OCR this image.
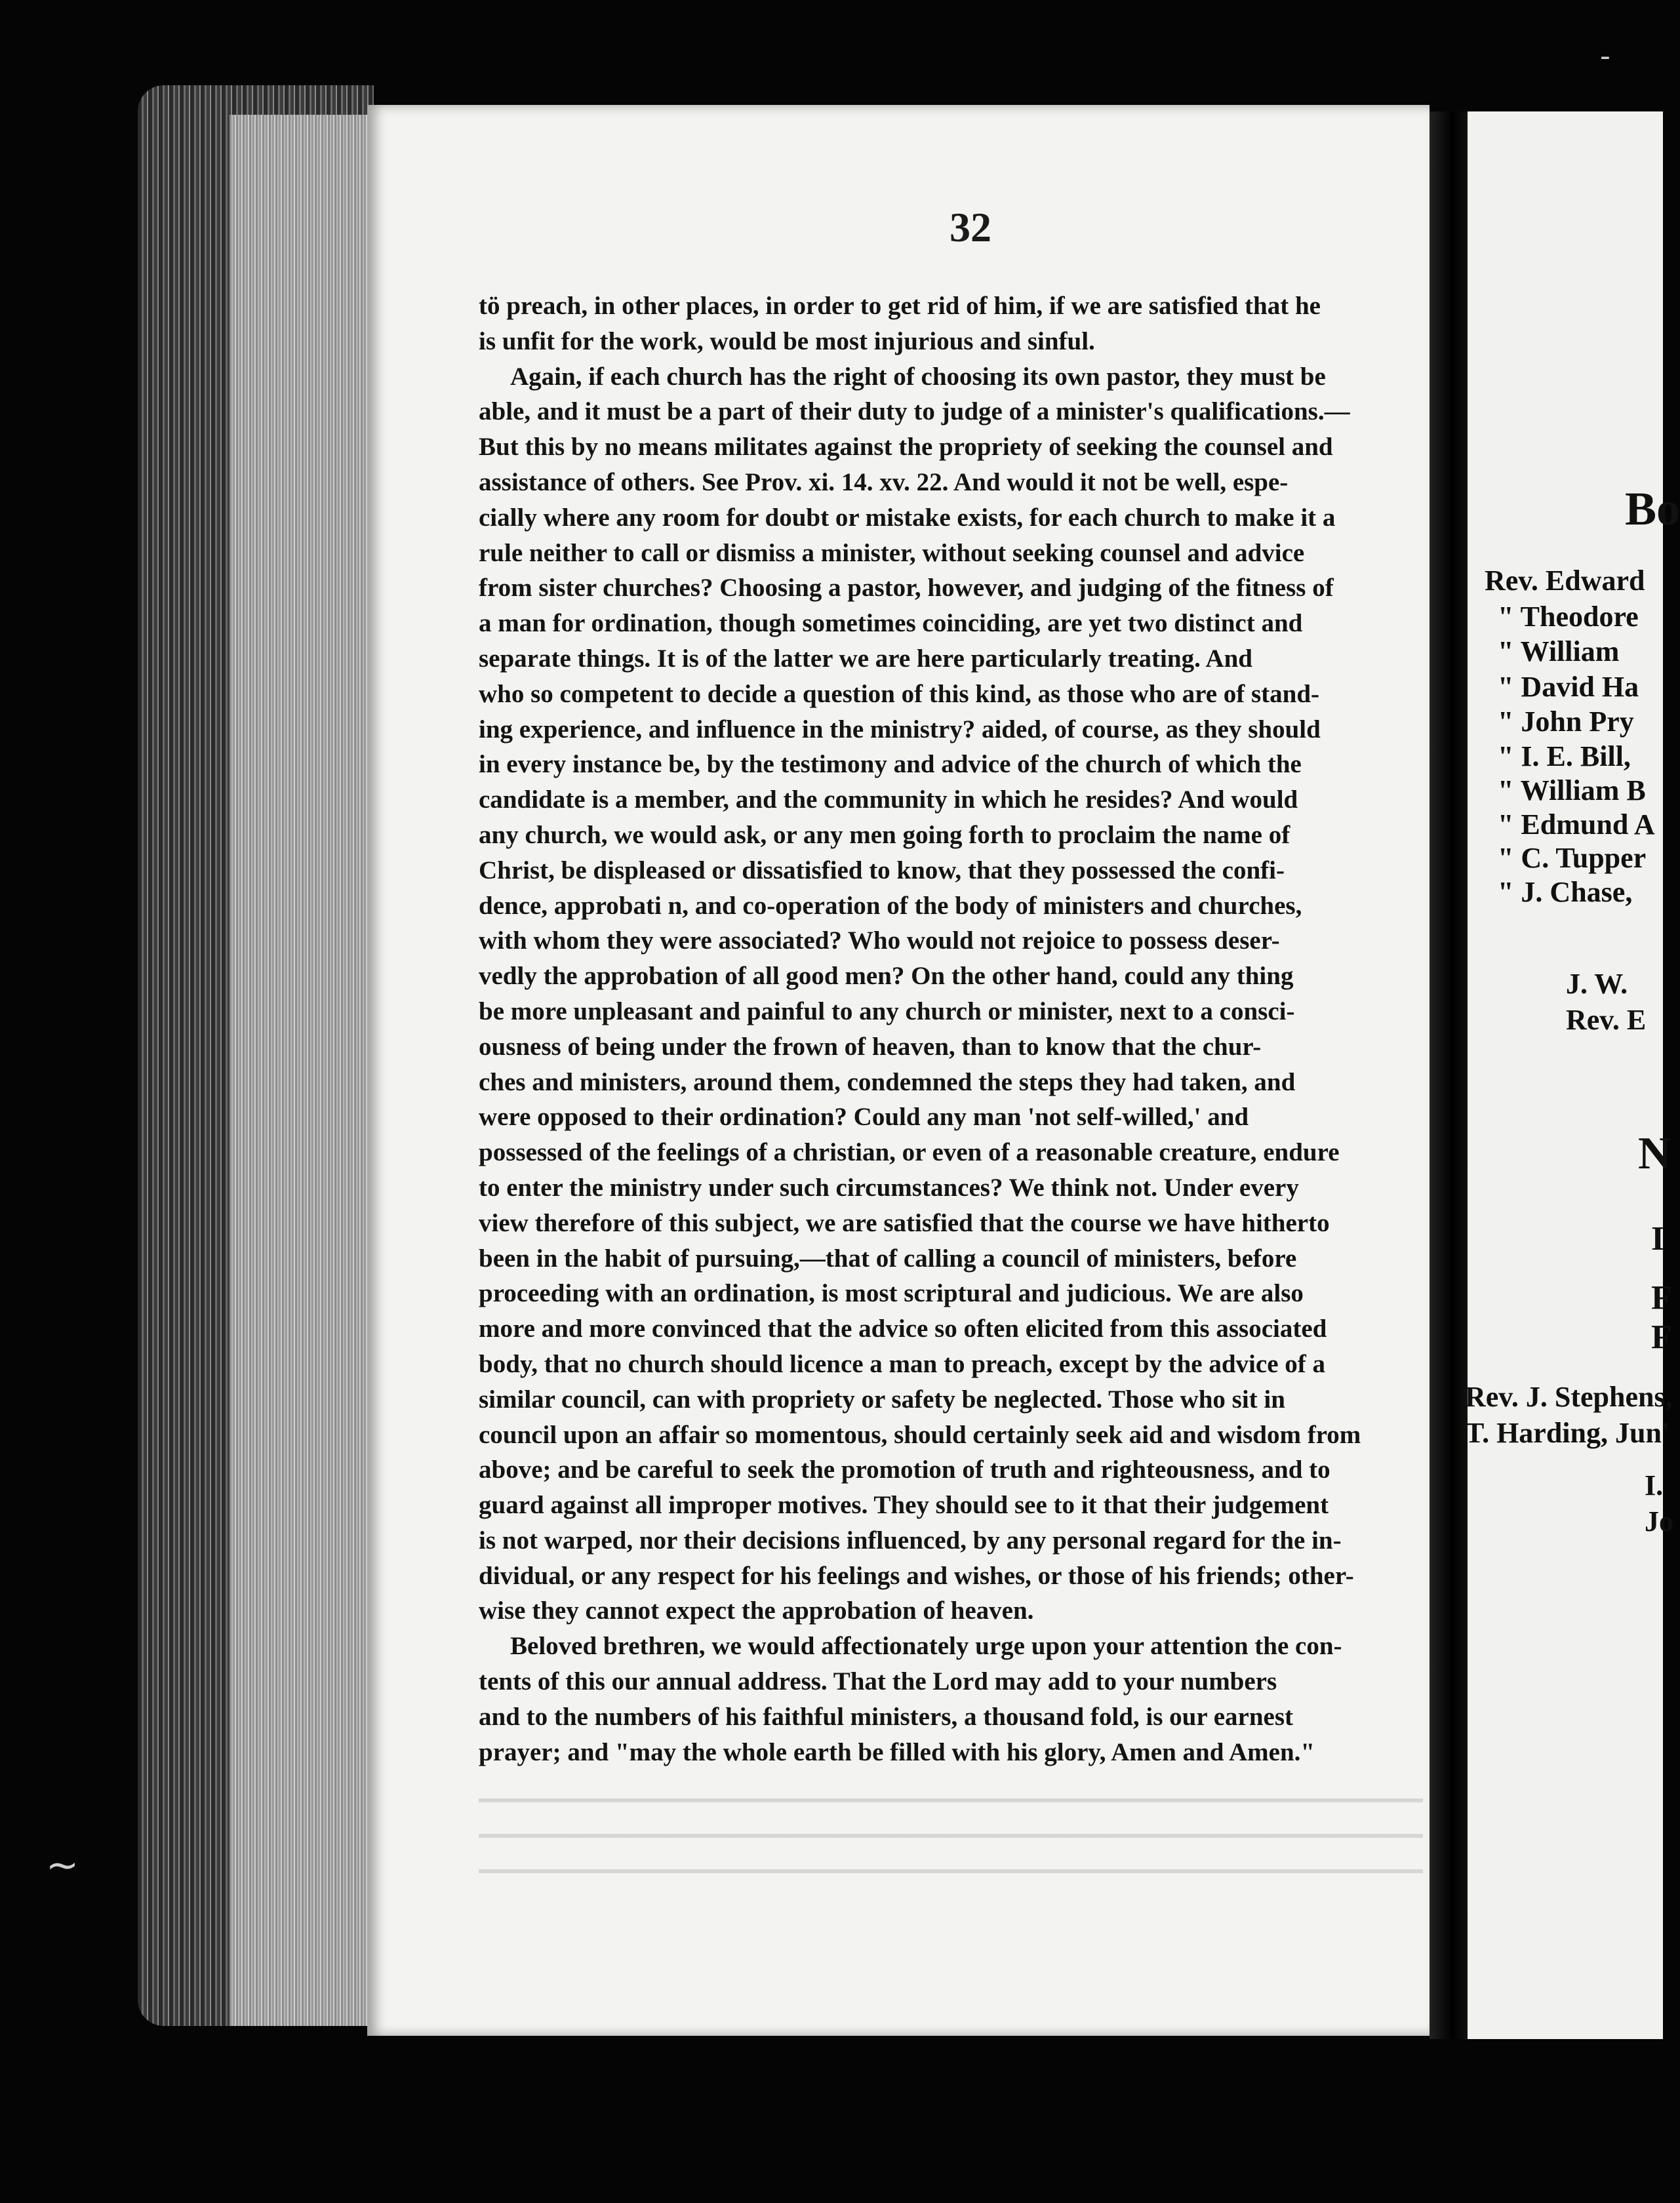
32
tö preach, in other places, in order to get rid of him, if we are satisfied that he
is unfit for the work, would be most injurious and sinful.
Again, if each church has the right of choosing its own pastor, they must be
able, and it must be a part of their duty to judge of a minister's qualifications.—
But this by no means militates against the propriety of seeking the counsel and
assistance of others. See Prov. xi. 14. xv. 22. And would it not be well, espe-
cially where any room for doubt or mistake exists, for each church to make it a
rule neither to call or dismiss a minister, without seeking counsel and advice
from sister churches? Choosing a pastor, however, and judging of the fitness of
a man for ordination, though sometimes coinciding, are yet two distinct and
separate things. It is of the latter we are here particularly treating. And
who so competent to decide a question of this kind, as those who are of stand-
ing experience, and influence in the ministry? aided, of course, as they should
in every instance be, by the testimony and advice of the church of which the
candidate is a member, and the community in which he resides? And would
any church, we would ask, or any men going forth to proclaim the name of
Christ, be displeased or dissatisfied to know, that they possessed the confi-
dence, approbati n, and co-operation of the body of ministers and churches,
with whom they were associated? Who would not rejoice to possess deser-
vedly the approbation of all good men? On the other hand, could any thing
be more unpleasant and painful to any church or minister, next to a consci-
ousness of being under the frown of heaven, than to know that the chur-
ches and ministers, around them, condemned the steps they had taken, and
were opposed to their ordination? Could any man 'not self-willed,' and
possessed of the feelings of a christian, or even of a reasonable creature, endure
to enter the ministry under such circumstances? We think not. Under every
view therefore of this subject, we are satisfied that the course we have hitherto
been in the habit of pursuing,—that of calling a council of ministers, before
proceeding with an ordination, is most scriptural and judicious. We are also
more and more convinced that the advice so often elicited from this associated
body, that no church should licence a man to preach, except by the advice of a
similar council, can with propriety or safety be neglected. Those who sit in
council upon an affair so momentous, should certainly seek aid and wisdom from
above; and be careful to seek the promotion of truth and righteousness, and to
guard against all improper motives. They should see to it that their judgement
is not warped, nor their decisions influenced, by any personal regard for the in-
dividual, or any respect for his feelings and wishes, or those of his friends; other-
wise they cannot expect the approbation of heaven.
Beloved brethren, we would affectionately urge upon your attention the con-
tents of this our annual address. That the Lord may add to your numbers
and to the numbers of his faithful ministers, a thousand fold, is our earnest
prayer; and "may the whole earth be filled with his glory, Amen and Amen."
Bo
Rev. Edward
" Theodore
" William
" David Ha
" John Pry
" I. E. Bill,
" William B
" Edmund A
" C. Tupper
" J. Chase,
J. W.
Rev. E
N
I
F
F
Rev. J. Stephens,
T. Harding, Jun'
I.
Jo
-
~
